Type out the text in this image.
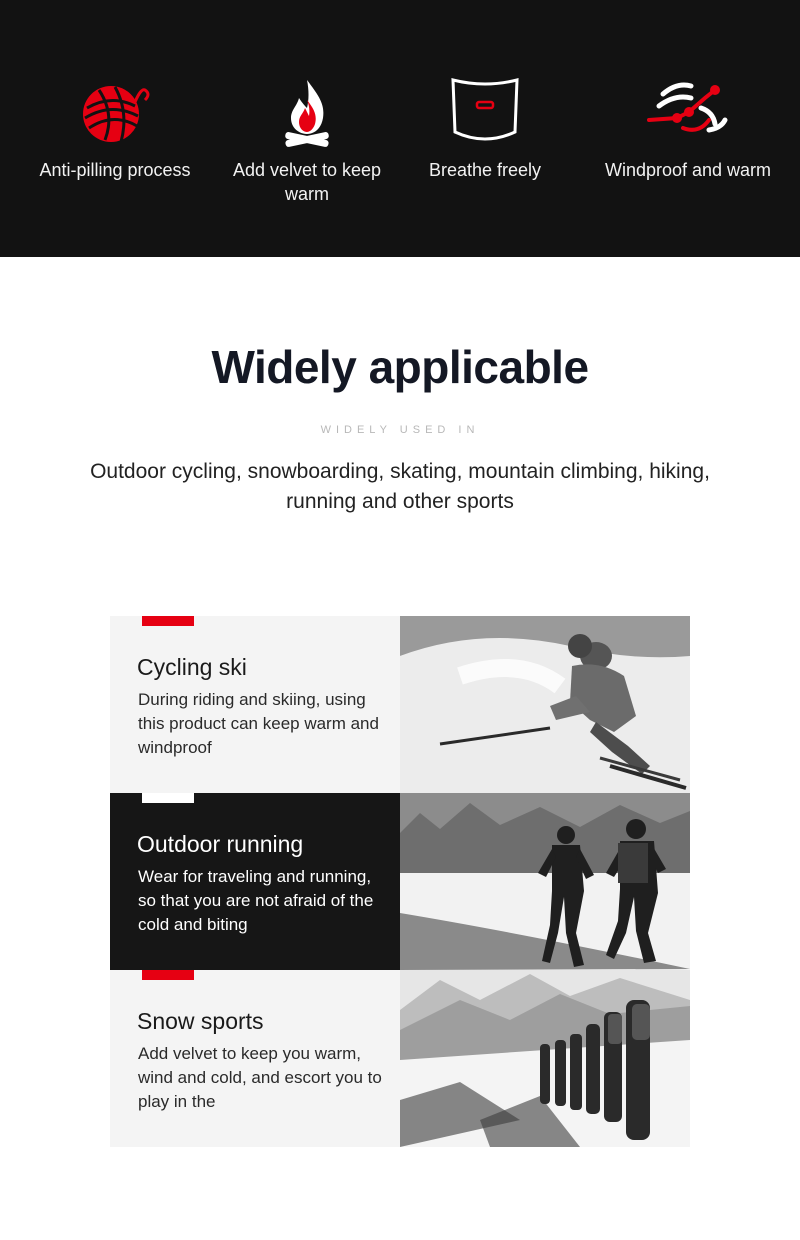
Anti-pilling process	Add velvet to keep warm
Breathe freely	Windproof and warm
Widely applicable
WIDELY USED IN

Outdoor cycling, snowboarding, skating, mountain climbing, hiking, running and other sports

Cycling ski
During riding and skiing, using this product can keep warm and windproof
Outdoor running
Wear for traveling and running, so that you are not afraid of the cold and biting
Snow sports
Add velvet to keep you warm, wind and cold, and escort you to play in the
